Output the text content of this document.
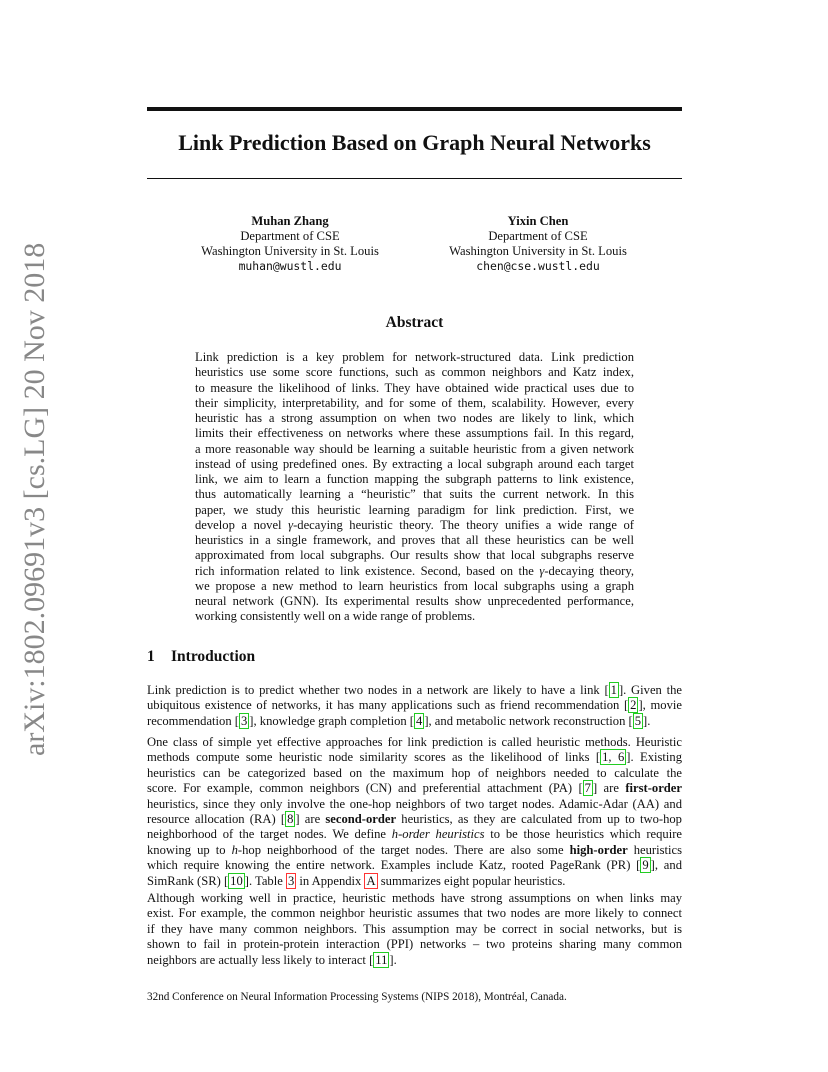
arXiv:1802.09691v3 [cs.LG] 20 Nov 2018
Link Prediction Based on Graph Neural Networks
Muhan Zhang
Department of CSE
Washington University in St. Louis
muhan@wustl.edu
Yixin Chen
Department of CSE
Washington University in St. Louis
chen@cse.wustl.edu
Abstract
Link prediction is a key problem for network-structured data. Link prediction
heuristics use some score functions, such as common neighbors and Katz index,
to measure the likelihood of links. They have obtained wide practical uses due to
their simplicity, interpretability, and for some of them, scalability. However, every
heuristic has a strong assumption on when two nodes are likely to link, which
limits their effectiveness on networks where these assumptions fail. In this regard,
a more reasonable way should be learning a suitable heuristic from a given network
instead of using predefined ones. By extracting a local subgraph around each target
link, we aim to learn a function mapping the subgraph patterns to link existence,
thus automatically learning a “heuristic” that suits the current network. In this
paper, we study this heuristic learning paradigm for link prediction. First, we
develop a novel γ-decaying heuristic theory. The theory unifies a wide range of
heuristics in a single framework, and proves that all these heuristics can be well
approximated from local subgraphs. Our results show that local subgraphs reserve
rich information related to link existence. Second, based on the γ-decaying theory,
we propose a new method to learn heuristics from local subgraphs using a graph
neural network (GNN). Its experimental results show unprecedented performance,
working consistently well on a wide range of problems.
1 Introduction
Link prediction is to predict whether two nodes in a network are likely to have a link [ 1 ]. Given the
ubiquitous existence of networks, it has many applications such as friend recommendation [ 2 ], movie
recommendation [ 3 ], knowledge graph completion [ 4 ], and metabolic network reconstruction [ 5 ].
One class of simple yet effective approaches for link prediction is called heuristic methods. Heuristic
methods compute some heuristic node similarity scores as the likelihood of links [ 1, 6 ]. Existing
heuristics can be categorized based on the maximum hop of neighbors needed to calculate the
score. For example, common neighbors (CN) and preferential attachment (PA) [ 7 ] are first-order
heuristics, since they only involve the one-hop neighbors of two target nodes. Adamic-Adar (AA) and
resource allocation (RA) [ 8 ] are second-order heuristics, as they are calculated from up to two-hop
neighborhood of the target nodes. We define h-order heuristics to be those heuristics which require
knowing up to h-hop neighborhood of the target nodes. There are also some high-order heuristics
which require knowing the entire network. Examples include Katz, rooted PageRank (PR) [ 9 ], and
SimRank (SR) [ 10 ]. Table 3 in Appendix A summarizes eight popular heuristics.
Although working well in practice, heuristic methods have strong assumptions on when links may
exist. For example, the common neighbor heuristic assumes that two nodes are more likely to connect
if they have many common neighbors. This assumption may be correct in social networks, but is
shown to fail in protein-protein interaction (PPI) networks – two proteins sharing many common
neighbors are actually less likely to interact [ 11 ].
32nd Conference on Neural Information Processing Systems (NIPS 2018), Montréal, Canada.
